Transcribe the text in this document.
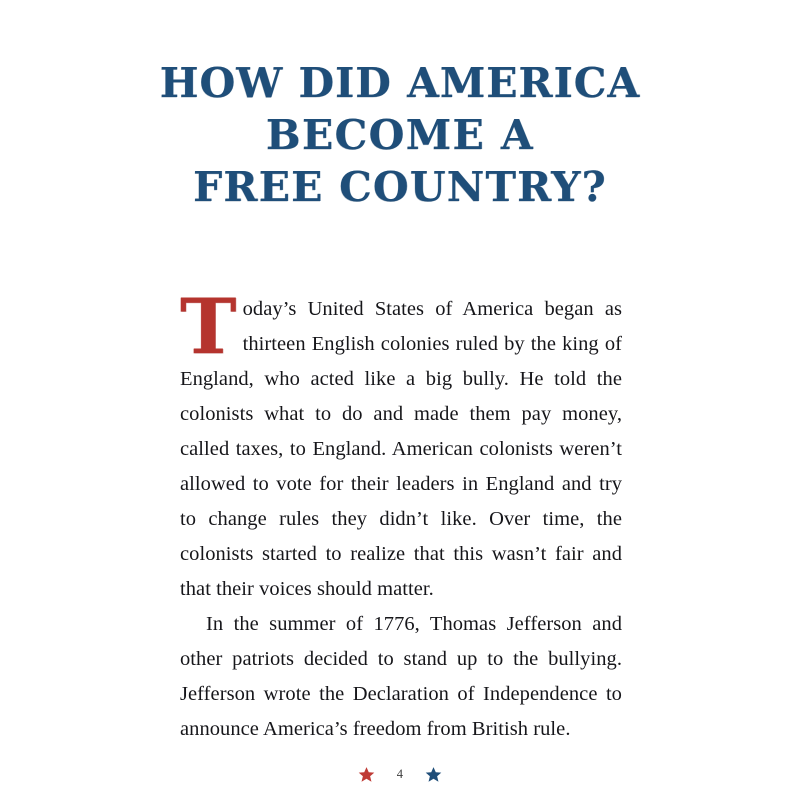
HOW DID AMERICA
BECOME A
FREE COUNTRY?

Today’s United States of America began as thirteen English colonies ruled by the king of England, who acted like a big bully. He told the colonists what to do and made them pay money, called taxes, to England. American colonists weren’t allowed to vote for their leaders in England and try to change rules they didn’t like. Over time, the colonists started to realize that this wasn’t fair and that their voices should matter.

In the summer of 1776, Thomas Jefferson and other patriots decided to stand up to the bullying. Jefferson wrote the Declaration of Independence to announce America’s freedom from British rule.

4
